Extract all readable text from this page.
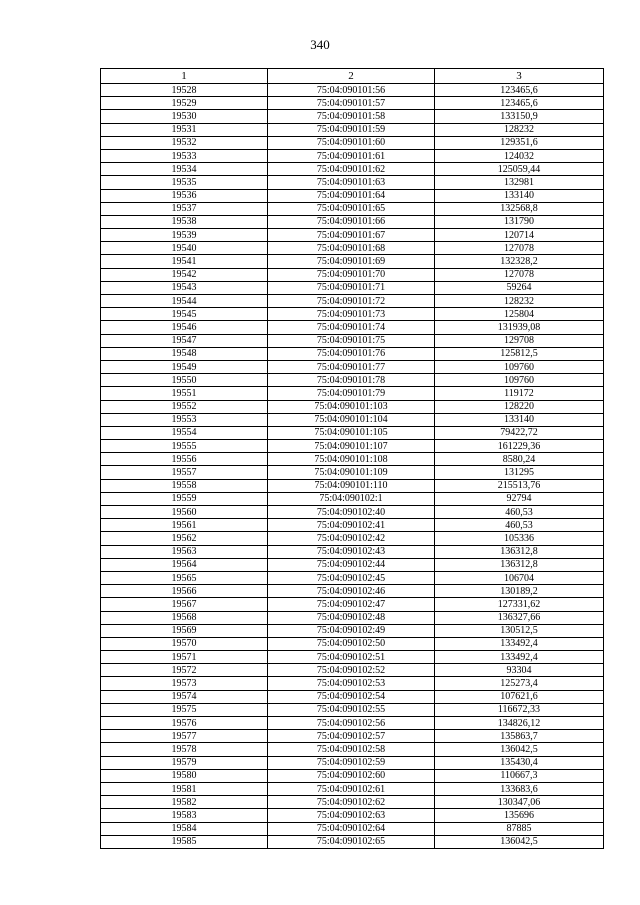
340
1	2	3
19528	75:04:090101:56	123465,6
19529	75:04:090101:57	123465,6
19530	75:04:090101:58	133150,9
19531	75:04:090101:59	128232
19532	75:04:090101:60	129351,6
19533	75:04:090101:61	124032
19534	75:04:090101:62	125059,44
19535	75:04:090101:63	132981
19536	75:04:090101:64	133140
19537	75:04:090101:65	132568,8
19538	75:04:090101:66	131790
19539	75:04:090101:67	120714
19540	75:04:090101:68	127078
19541	75:04:090101:69	132328,2
19542	75:04:090101:70	127078
19543	75:04:090101:71	59264
19544	75:04:090101:72	128232
19545	75:04:090101:73	125804
19546	75:04:090101:74	131939,08
19547	75:04:090101:75	129708
19548	75:04:090101:76	125812,5
19549	75:04:090101:77	109760
19550	75:04:090101:78	109760
19551	75:04:090101:79	119172
19552	75:04:090101:103	128220
19553	75:04:090101:104	133140
19554	75:04:090101:105	79422,72
19555	75:04:090101:107	161229,36
19556	75:04:090101:108	8580,24
19557	75:04:090101:109	131295
19558	75:04:090101:110	215513,76
19559	75:04:090102:1	92794
19560	75:04:090102:40	460,53
19561	75:04:090102:41	460,53
19562	75:04:090102:42	105336
19563	75:04:090102:43	136312,8
19564	75:04:090102:44	136312,8
19565	75:04:090102:45	106704
19566	75:04:090102:46	130189,2
19567	75:04:090102:47	127331,62
19568	75:04:090102:48	136327,66
19569	75:04:090102:49	130512,5
19570	75:04:090102:50	133492,4
19571	75:04:090102:51	133492,4
19572	75:04:090102:52	93304
19573	75:04:090102:53	125273,4
19574	75:04:090102:54	107621,6
19575	75:04:090102:55	116672,33
19576	75:04:090102:56	134826,12
19577	75:04:090102:57	135863,7
19578	75:04:090102:58	136042,5
19579	75:04:090102:59	135430,4
19580	75:04:090102:60	110667,3
19581	75:04:090102:61	133683,6
19582	75:04:090102:62	130347,06
19583	75:04:090102:63	135696
19584	75:04:090102:64	87885
19585	75:04:090102:65	136042,5
